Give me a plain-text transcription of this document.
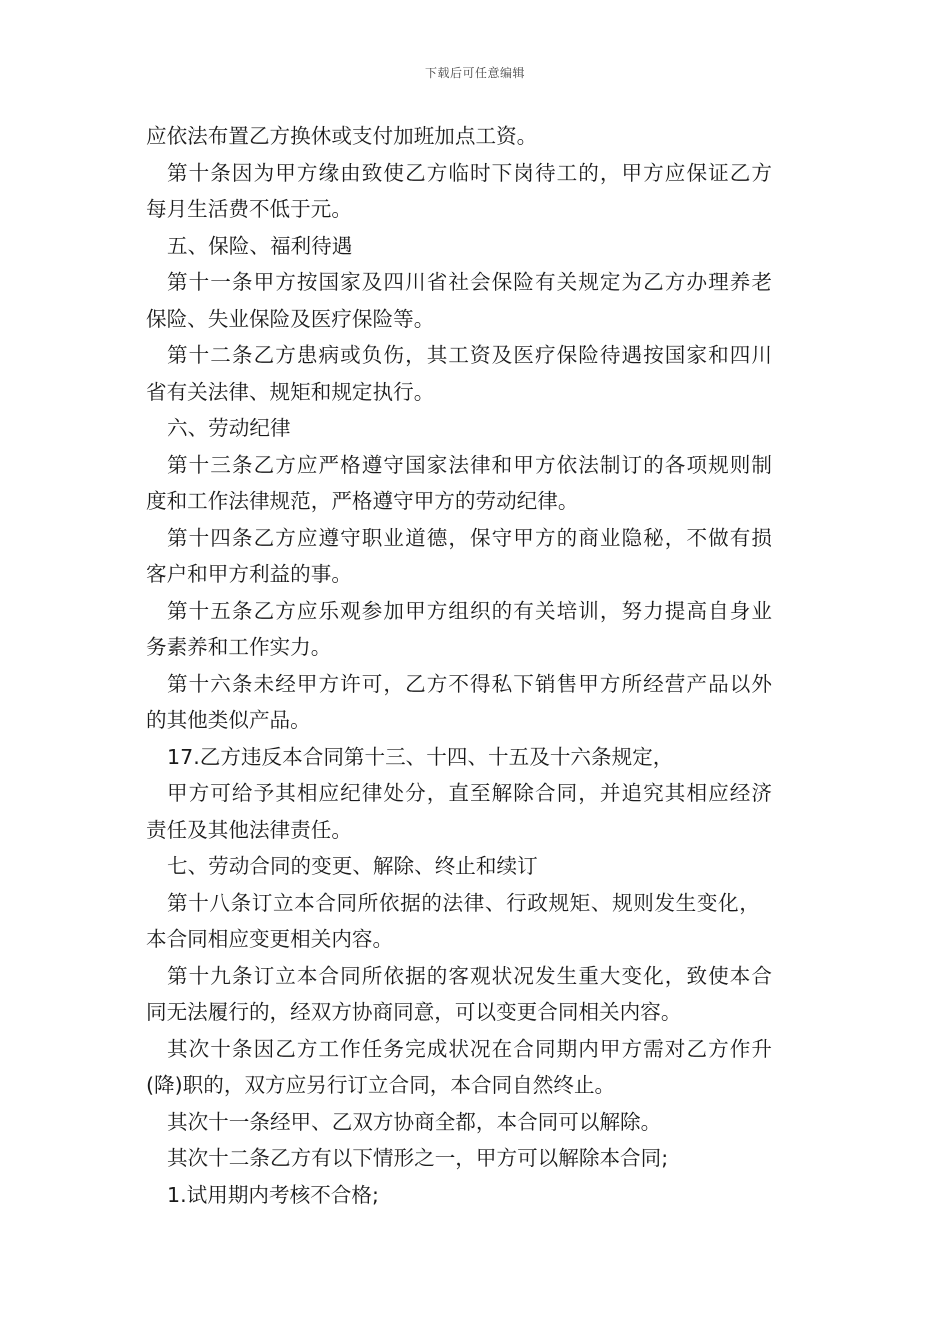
下载后可任意编辑
应依法布置乙方换休或支付加班加点工资。
第十条因为甲方缘由致使乙方临时下岗待工的，甲方应保证乙方
每月生活费不低于元。
五、保险、福利待遇
第十一条甲方按国家及四川省社会保险有关规定为乙方办理养老
保险、失业保险及医疗保险等。
第十二条乙方患病或负伤，其工资及医疗保险待遇按国家和四川
省有关法律、规矩和规定执行。
六、劳动纪律
第十三条乙方应严格遵守国家法律和甲方依法制订的各项规则制
度和工作法律规范，严格遵守甲方的劳动纪律。
第十四条乙方应遵守职业道德，保守甲方的商业隐秘，不做有损
客户和甲方利益的事。
第十五条乙方应乐观参加甲方组织的有关培训，努力提高自身业
务素养和工作实力。
第十六条未经甲方许可，乙方不得私下销售甲方所经营产品以外
的其他类似产品。
17.乙方违反本合同第十三、十四、十五及十六条规定，
甲方可给予其相应纪律处分，直至解除合同，并追究其相应经济
责任及其他法律责任。
七、劳动合同的变更、解除、终止和续订
第十八条订立本合同所依据的法律、行政规矩、规则发生变化，
本合同相应变更相关内容。
第十九条订立本合同所依据的客观状况发生重大变化，致使本合
同无法履行的，经双方协商同意，可以变更合同相关内容。
其次十条因乙方工作任务完成状况在合同期内甲方需对乙方作升
(降)职的，双方应另行订立合同，本合同自然终止。
其次十一条经甲、乙双方协商全都，本合同可以解除。
其次十二条乙方有以下情形之一，甲方可以解除本合同;
1.试用期内考核不合格;
